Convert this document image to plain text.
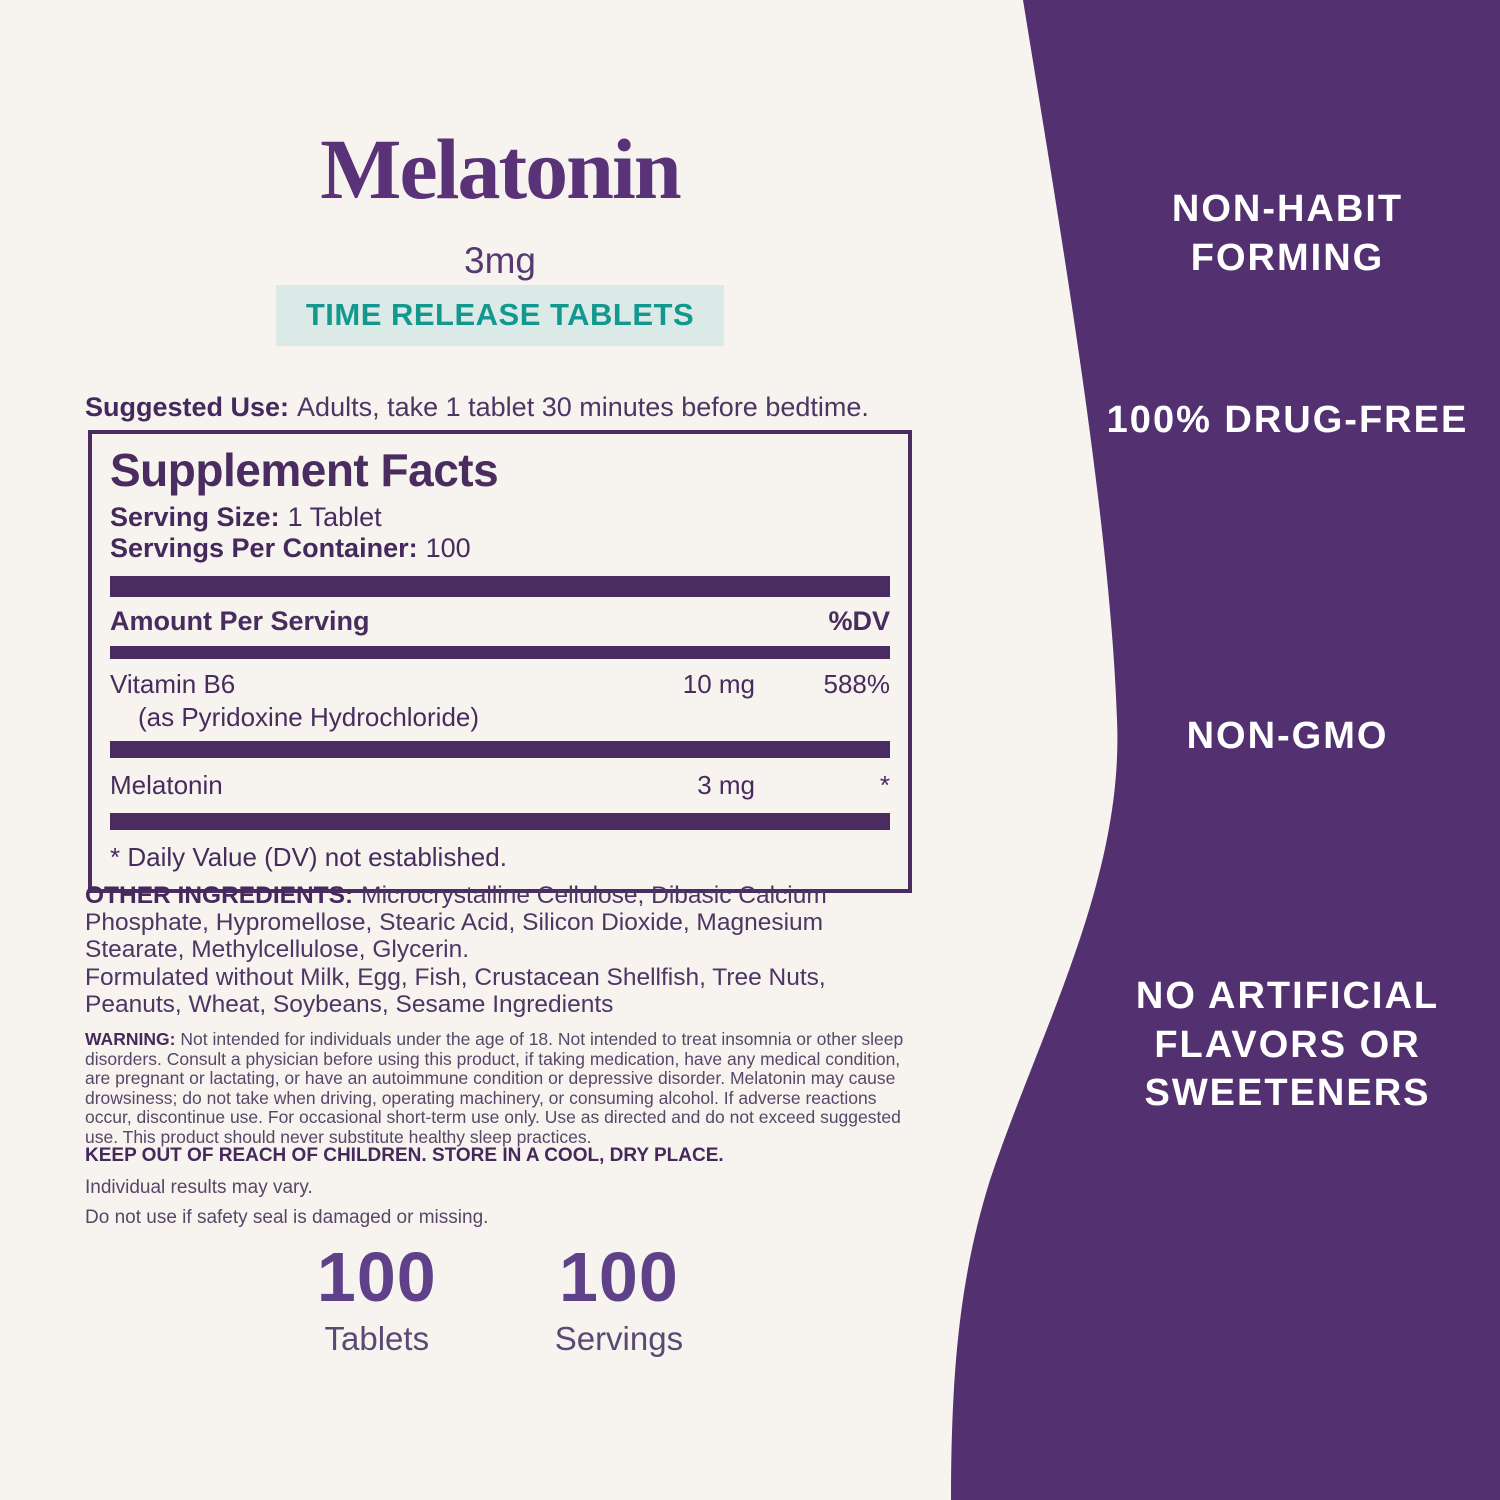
Melatonin
3mg
TIME RELEASE TABLETS

Suggested Use: Adults, take 1 tablet 30 minutes before bedtime.

Supplement Facts
Serving Size: 1 Tablet
Servings Per Container: 100
Amount Per Serving	%DV
Vitamin B6
(as Pyridoxine Hydrochloride)
10 mg	588%
Melatonin	3 mg	*
* Daily Value (DV) not established.

OTHER INGREDIENTS: Microcrystalline Cellulose, Dibasic Calcium Phosphate, Hypromellose, Stearic Acid, Silicon Dioxide, Magnesium Stearate, Methylcellulose, Glycerin.

Formulated without Milk, Egg, Fish, Crustacean Shellfish, Tree Nuts, Peanuts, Wheat, Soybeans, Sesame Ingredients

WARNING: Not intended for individuals under the age of 18. Not intended to treat insomnia or other sleep disorders. Consult a physician before using this product, if taking medication, have any medical condition, are pregnant or lactating, or have an autoimmune condition or depressive disorder. Melatonin may cause drowsiness; do not take when driving, operating machinery, or consuming alcohol. If adverse reactions occur, discontinue use. For occasional short-term use only. Use as directed and do not exceed suggested use. This product should never substitute healthy sleep practices.

KEEP OUT OF REACH OF CHILDREN. STORE IN A COOL, DRY PLACE.

Individual results may vary.

Do not use if safety seal is damaged or missing.

100
Tablets
100
Servings
NON-HABIT FORMING
100% DRUG-FREE
NON-GMO
NO ARTIFICIAL FLAVORS OR SWEETENERS
